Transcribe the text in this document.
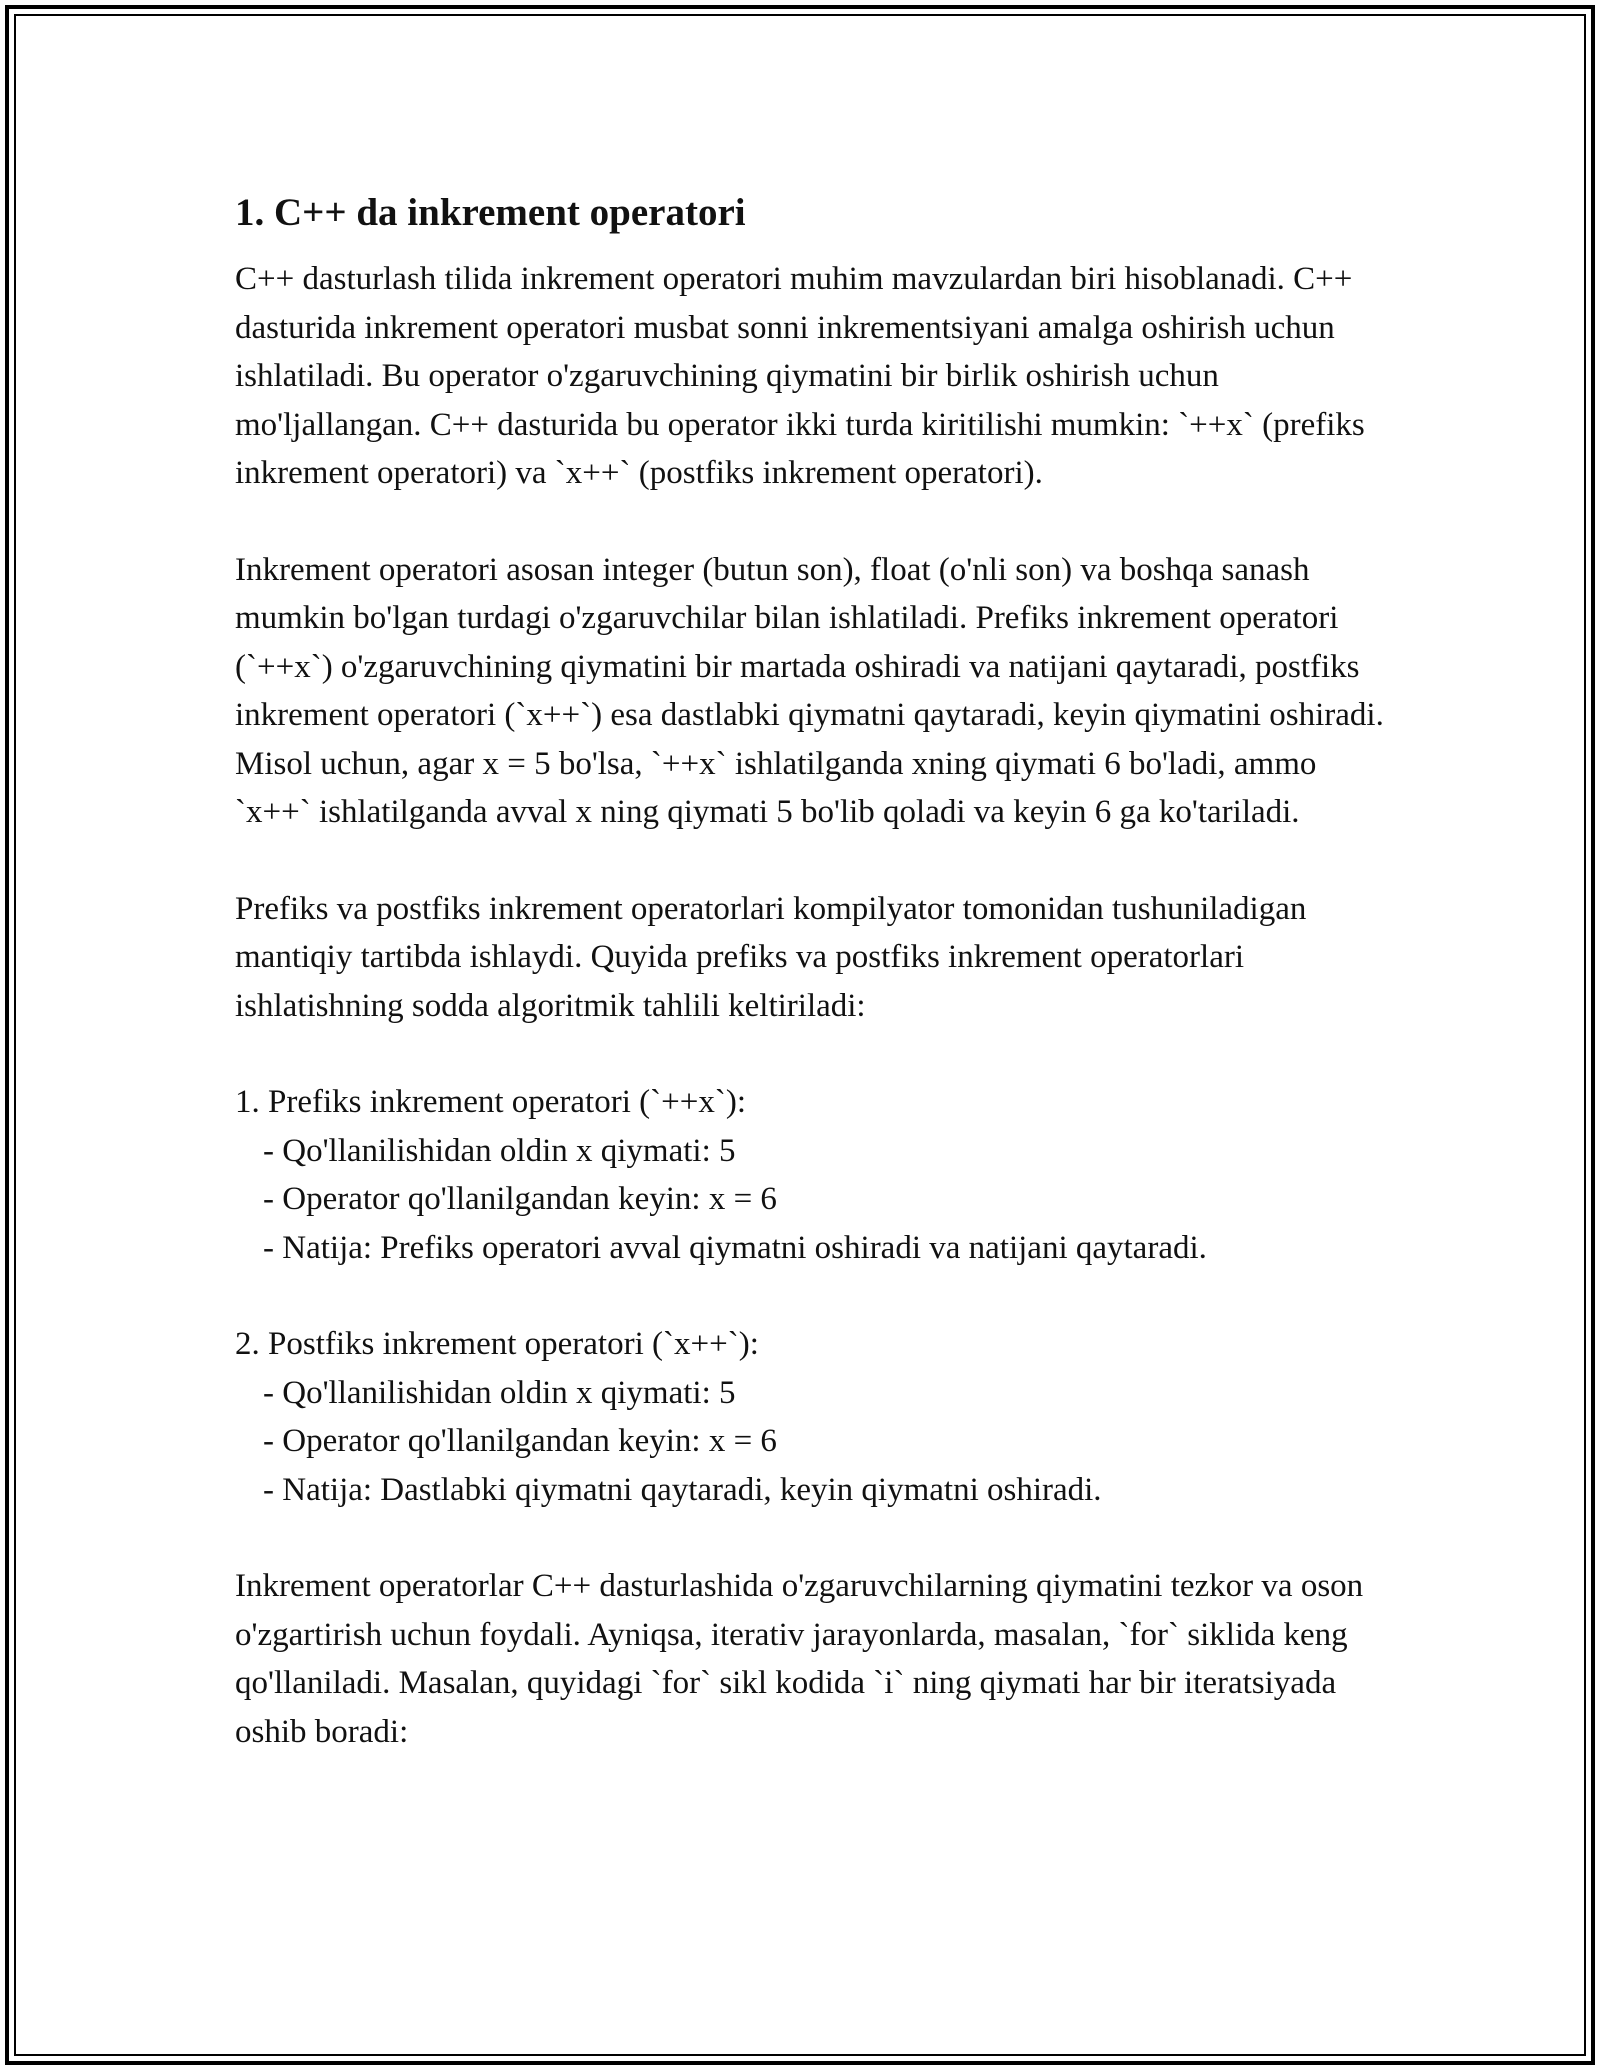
1. C++ da inkrement operatori

C++ dasturlash tilida inkrement operatori muhim mavzulardan biri hisoblanadi. C++ dasturida inkrement operatori musbat sonni inkrementsiyani amalga oshirish uchun ishlatiladi. Bu operator o'zgaruvchining qiymatini bir birlik oshirish uchun mo'ljallangan. C++ dasturida bu operator ikki turda kiritilishi mumkin: `++x` (prefiks inkrement operatori) va `x++` (postfiks inkrement operatori).

Inkrement operatori asosan integer (butun son), float (o'nli son) va boshqa sanash mumkin bo'lgan turdagi o'zgaruvchilar bilan ishlatiladi. Prefiks inkrement operatori (`++x`) o'zgaruvchining qiymatini bir martada oshiradi va natijani qaytaradi, postfiks inkrement operatori (`x++`) esa dastlabki qiymatni qaytaradi, keyin qiymatini oshiradi. Misol uchun, agar x = 5 bo'lsa, `++x` ishlatilganda xning qiymati 6 bo'ladi, ammo `x++` ishlatilganda avval x ning qiymati 5 bo'lib qoladi va keyin 6 ga ko'tariladi.

Prefiks va postfiks inkrement operatorlari kompilyator tomonidan tushuniladigan mantiqiy tartibda ishlaydi. Quyida prefiks va postfiks inkrement operatorlari ishlatishning sodda algoritmik tahlili keltiriladi:

1. Prefiks inkrement operatori (`++x`):
- Qo'llanilishidan oldin x qiymati: 5
- Operator qo'llanilgandan keyin: x = 6
- Natija: Prefiks operatori avval qiymatni oshiradi va natijani qaytaradi.
2. Postfiks inkrement operatori (`x++`):
- Qo'llanilishidan oldin x qiymati: 5
- Operator qo'llanilgandan keyin: x = 6
- Natija: Dastlabki qiymatni qaytaradi, keyin qiymatni oshiradi.

Inkrement operatorlar C++ dasturlashida o'zgaruvchilarning qiymatini tezkor va oson o'zgartirish uchun foydali. Ayniqsa, iterativ jarayonlarda, masalan, `for` siklida keng qo'llaniladi. Masalan, quyidagi `for` sikl kodida `i` ning qiymati har bir iteratsiyada oshib boradi:
